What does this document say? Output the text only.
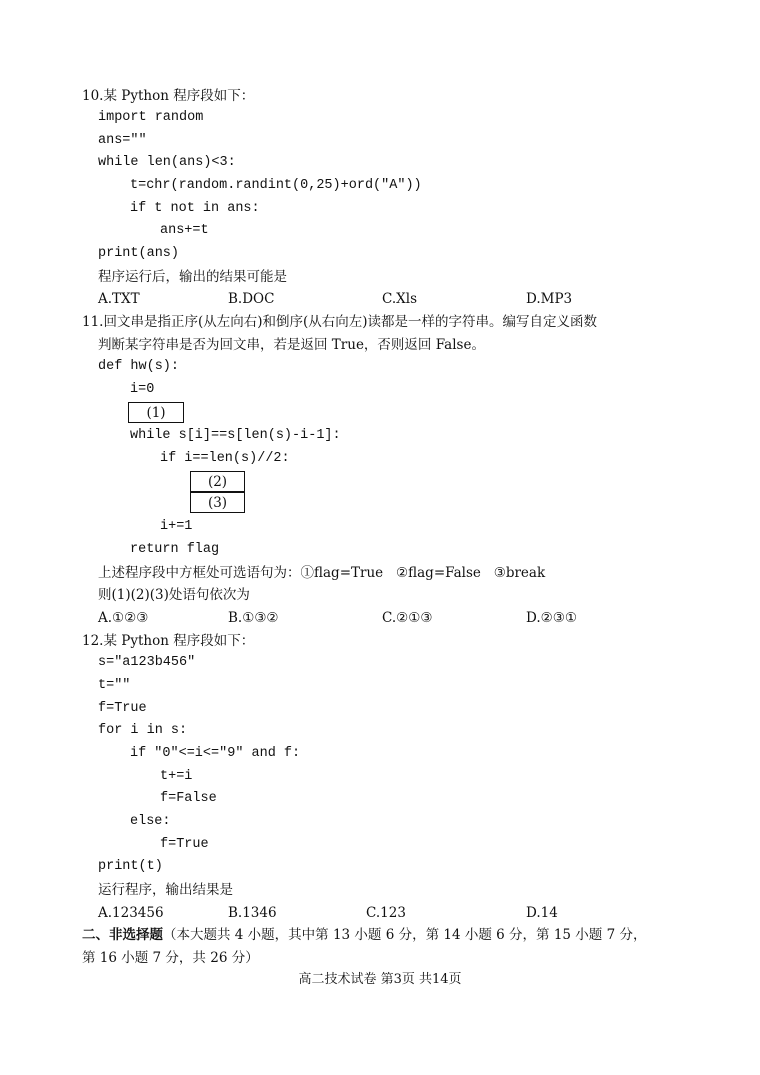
10.某 Python 程序段如下：
import random
ans=""
while len(ans)<3:
t=chr(random.randint(0,25)+ord("A"))
if t not in ans:
ans+=t
print(ans)
程序运行后，输出的结果可能是
A.TXT	B.DOC	C.Xls	D.MP3
11.回文串是指正序(从左向右)和倒序(从右向左)读都是一样的字符串。编写自定义函数
判断某字符串是否为回文串，若是返回 True，否则返回 False。
def hw(s):
i=0
(1)
while s[i]==s[len(s)-i-1]:
if i==len(s)//2:
(2)
(3)
i+=1
return flag
上述程序段中方框处可选语句为：①flag=True   ②flag=False   ③break
则(1)(2)(3)处语句依次为
A.①②③	B.①③②	C.②①③	D.②③①
12.某 Python 程序段如下：
s="a123b456"
t=""
f=True
for i in s:
if "0"<=i<="9" and f:
t+=i
f=False
else:
f=True
print(t)
运行程序，输出结果是
A.123456	B.1346	C.123	D.14
二、非选择题（本大题共 4 小题，其中第 13 小题 6 分，第 14 小题 6 分，第 15 小题 7 分，
第 16 小题 7 分，共 26 分）
高二技术试卷 第3页 共14页
